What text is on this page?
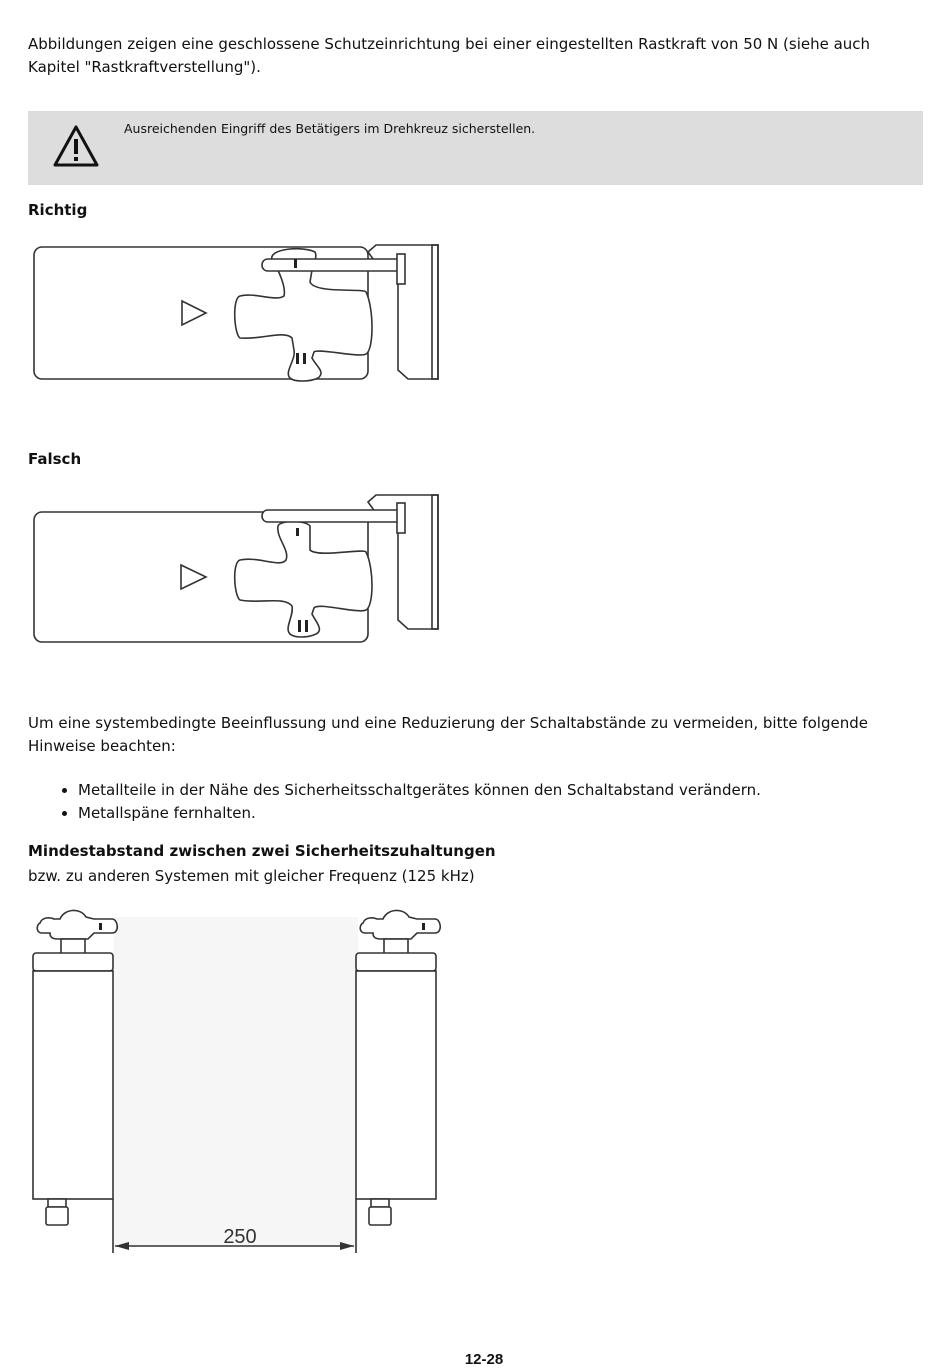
Abbildungen zeigen eine geschlossene Schutzeinrichtung bei einer eingestellten Rastkraft von 50 N (siehe auch Kapitel "Rastkraftverstellung").

Ausreichenden Eingriff des Betätigers im Drehkreuz sicherstellen.
Richtig
Falsch

Um eine systembedingte Beeinflussung und eine Reduzierung der Schaltabstände zu vermeiden, bitte folgende Hinweise beachten:

• Metallteile in der Nähe des Sicherheitsschaltgerätes können den Schaltabstand verändern.
• Metallspäne fernhalten.
Mindestabstand zwischen zwei Sicherheitszuhaltungen
bzw. zu anderen Systemen mit gleicher Frequenz (125 kHz)
250
12-28
